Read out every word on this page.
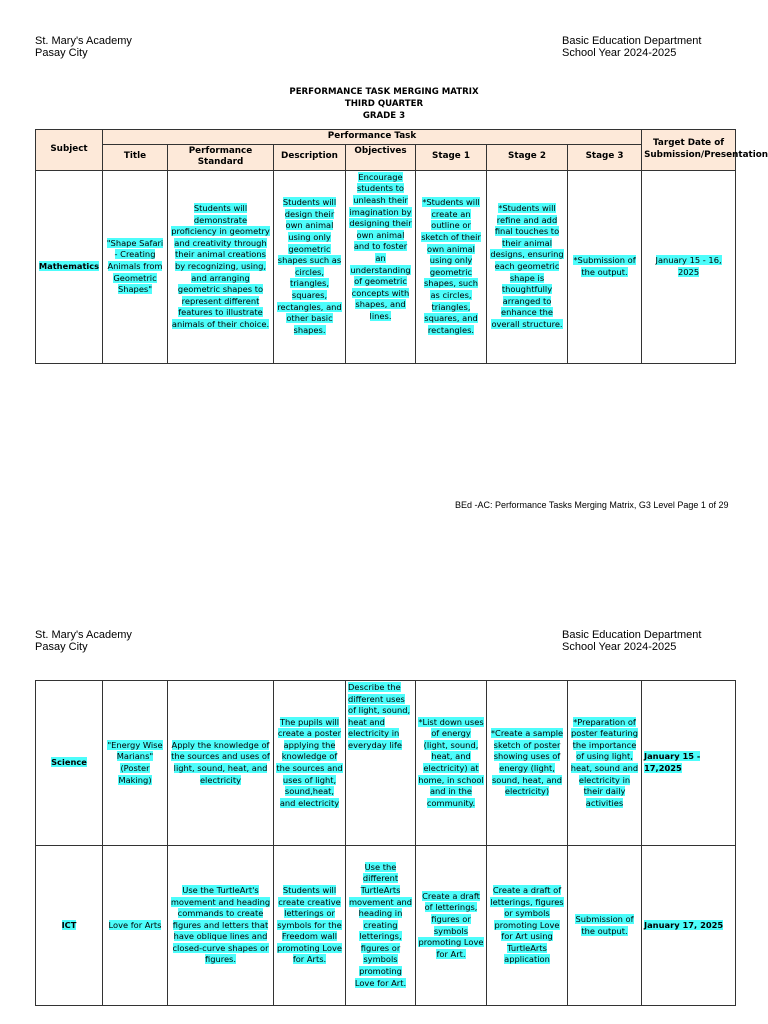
St. Mary's Academy
Pasay City
Basic Education Department
School Year 2024-2025
PERFORMANCE TASK MERGING MATRIX
THIRD QUARTER
GRADE 3
Subject	Performance Task							Target Date of Submission/Presentation
	Title	Performance Standard	Description	Objectives	Stage 1	Stage 2	Stage 3	
Mathematics	"Shape Safari - Creating Animals from Geometric Shapes"	Students will demonstrate proficiency in geometry and creativity through their animal creations by recognizing, using, and arranging geometric shapes to represent different features to illustrate animals of their choice.	Students will design their own animal using only geometric shapes such as circles, triangles, squares, rectangles, and other basic shapes.	Encourage students to unleash their imagination by designing their own animal and to foster an understanding of geometric concepts with shapes, and lines.	*Students will create an outline or sketch of their own animal using only geometric shapes, such as circles, triangles, squares, and rectangles.	*Students will refine and add final touches to their animal designs, ensuring each geometric shape is thoughtfully arranged to enhance the overall structure.	*Submission of the output.	January 15 - 16, 2025
BEd -AC: Performance Tasks Merging Matrix, G3 Level Page 1 of 29
St. Mary's Academy
Pasay City
Basic Education Department
School Year 2024-2025
Science	"Energy Wise Marians" (Poster Making)	Apply the knowledge of the sources and uses of light, sound, heat, and electricity	The pupils will create a poster applying the knowledge of the sources and uses of light, sound,heat, and electricity	Describe the different uses of light, sound, heat and electricity in everyday life	*List down uses of energy (light, sound, heat, and electricity) at home, in school and in the community.	*Create a sample sketch of poster showing uses of energy (light, sound, heat, and electricity)	*Preparation of poster featuring the importance of using light, heat, sound and electricity in their daily activities	January 15 - 17,2025
ICT	Love for Arts	Use the TurtleArt's movement and heading commands to create figures and letters that have oblique lines and closed-curve shapes or figures.	Students will create creative letterings or symbols for the Freedom wall promoting Love for Arts.	Use the different TurtleArts movement and heading in creating letterings, figures or symbols promoting Love for Art.	Create a draft of letterings, figures or symbols promoting Love for Art.	Create a draft of letterings, figures or symbols promoting Love for Art using TurtleArts application	Submission of the output.	January 17, 2025
